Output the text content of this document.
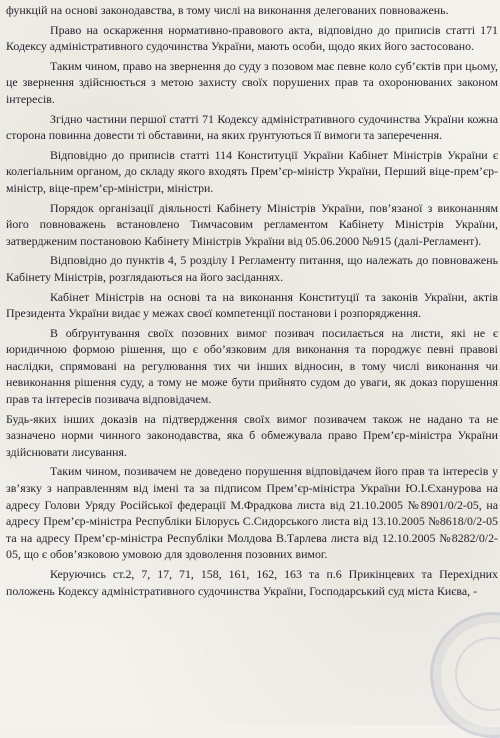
функцій на основі законодавства, в тому числі на виконання делегованих повноважень.

Право на оскарження нормативно-правового акта, відповідно до приписів статті 171 Кодексу адміністративного судочинства України, мають особи, щодо яких його застосовано.

Таким чином, право на звернення до суду з позовом має певне коло суб’єктів при цьому, це звернення здійснюється з метою захисту своїх порушених прав та охоронюваних законом інтересів.

Згідно частини першої статті 71 Кодексу адміністративного судочинства України кожна сторона повинна довести ті обставини, на яких ґрунтуються її вимоги та заперечення.

Відповідно до приписів статті 114 Конституції України Кабінет Міністрів України є колегіальним органом, до складу якого входять Прем’єр-міністр України, Перший віце-прем’єр-міністр, віце-прем’єр-міністри, міністри.

Порядок організації діяльності Кабінету Міністрів України, пов’язаної з виконанням його повноважень встановлено Тимчасовим регламентом Кабінету Міністрів України, затвердженим постановою Кабінету Міністрів України від 05.06.2000 №915 (далі-Регламент).

Відповідно до пунктів 4, 5 розділу І Регламенту питання, що належать до повноважень Кабінету Міністрів, розглядаються на його засіданнях.

Кабінет Міністрів на основі та на виконання Конституції та законів України, актів Президента України видає у межах своєї компетенції постанови і розпорядження.

В обґрунтування своїх позовних вимог позивач посилається на листи, які не є юридичною формою рішення, що є обо’язковим для виконання та породжує певні правові наслідки, спрямовані на регулювання тих чи інших відносин, в тому числі виконання чи невиконання рішення суду, а тому не може бути прийнято судом до уваги, як доказ порушення прав та інтересів позивача відповідачем.

Будь-яких інших доказів на підтвердження своїх вимог позивачем також не надано та не зазначено норми чинного законодавства, яка б обмежувала право Прем’єр-міністра України здійснювати лисування.

Таким чином, позивачем не доведено порушення відповідачем його прав та інтересів у зв’язку з направленням від імені та за підписом Прем’єр-міністра України Ю.І.Єханурова на адресу Голови Уряду Російської федерації М.Фрадкова листа від 21.10.2005 №8901/0/2-05, на адресу Прем’єр-міністра Республіки Білорусь С.Сидорського листа від 13.10.2005 №8618/0/2-05 та на адресу Прем’єр-міністра Республіки Молдова В.Тарлева листа від 12.10.2005 №8282/0/2-05, що є обов’язковою умовою для здоволення позовних вимог.

Керуючись ст.2, 7, 17, 71, 158, 161, 162, 163 та п.6 Прикінцевих та Перехідних положень Кодексу адміністративного судочинства України, Господарський суд міста Києва, -
